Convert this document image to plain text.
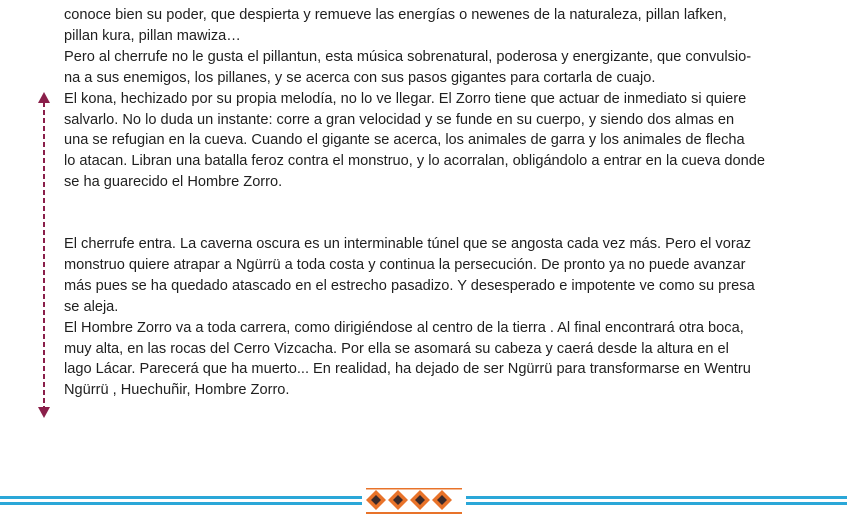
conoce bien su poder, que despierta y remueve las energías o newenes de la naturaleza, pillan lafken,
pillan kura, pillan mawiza…

Pero al cherrufe no le gusta el pillantun, esta música sobrenatural, poderosa y energizante, que convulsio-
na a sus enemigos, los pillanes, y se acerca con sus pasos gigantes para cortarla de cuajo.

El kona, hechizado por su propia melodía, no lo ve llegar. El Zorro tiene que actuar de inmediato si quiere
salvarlo. No lo duda un instante: corre a gran velocidad y se funde en su cuerpo, y siendo dos almas en
una se refugian en la cueva. Cuando el gigante se acerca, los animales de garra y los animales de flecha
lo atacan. Libran una batalla feroz contra el monstruo, y lo acorralan, obligándolo a entrar en la cueva donde
se ha guarecido el Hombre Zorro.

El cherrufe entra. La caverna oscura es un interminable túnel que se angosta cada vez más. Pero el voraz
monstruo quiere atrapar a Ngürrü a toda costa y continua la persecución. De pronto ya no puede avanzar
más pues se ha quedado atascado en el estrecho pasadizo. Y desesperado e impotente ve como su presa
se aleja.

El Hombre Zorro va a toda carrera, como dirigiéndose al centro de la tierra . Al final encontrará otra boca,
muy alta, en las rocas del Cerro Vizcacha. Por ella se asomará su cabeza y caerá desde la altura en el
lago Lácar. Parecerá que ha muerto... En realidad, ha dejado de ser Ngürrü para transformarse en Wentru
Ngürrü , Huechuñir, Hombre Zorro.
